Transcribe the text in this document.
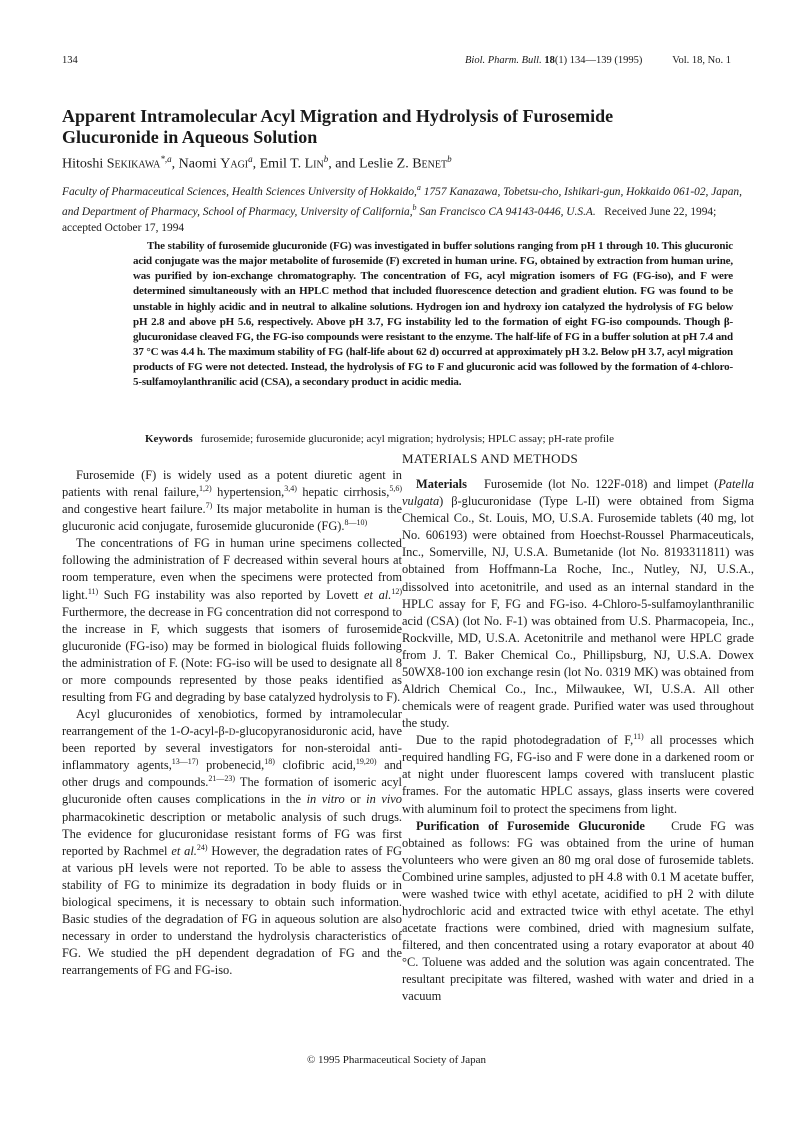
134	Biol. Pharm. Bull. 18(1) 134—139 (1995)	Vol. 18, No. 1
Apparent Intramolecular Acyl Migration and Hydrolysis of Furosemide Glucuronide in Aqueous Solution
Hitoshi Sekikawa$^{*,a}$, Naomi Yagi$^a$, Emil T. Lin$^b$, and Leslie Z. Benet$^b$
Faculty of Pharmaceutical Sciences, Health Sciences University of Hokkaido,$^a$ 1757 Kanazawa, Tobetsu-cho, Ishikari-gun, Hokkaido 061-02, Japan, and Department of Pharmacy, School of Pharmacy, University of California,$^b$ San Francisco CA 94143-0446, U.S.A. Received June 22, 1994; accepted October 17, 1994

The stability of furosemide glucuronide (FG) was investigated in buffer solutions ranging from pH 1 through 10. This glucuronic acid conjugate was the major metabolite of furosemide (F) excreted in human urine. FG, obtained by extraction from human urine, was purified by ion-exchange chromatography. The concentration of FG, acyl migration isomers of FG (FG-iso), and F were determined simultaneously with an HPLC method that included fluorescence detection and gradient elution. FG was found to be unstable in highly acidic and in neutral to alkaline solutions. Hydrogen ion and hydroxy ion catalyzed the hydrolysis of FG below pH 2.8 and above pH 5.6, respectively. Above pH 3.7, FG instability led to the formation of eight FG-iso compounds. Though β-glucuronidase cleaved FG, the FG-iso compounds were resistant to the enzyme. The half-life of FG in a buffer solution at pH 7.4 and 37 °C was 4.4 h. The maximum stability of FG (half-life about 62 d) occurred at approximately pH 3.2. Below pH 3.7, acyl migration products of FG were not detected. Instead, the hydrolysis of FG to F and glucuronic acid was followed by the formation of 4-chloro-5-sulfamoylanthranilic acid (CSA), a secondary product in acidic media.

Keywords furosemide; furosemide glucuronide; acyl migration; hydrolysis; HPLC assay; pH-rate profile

Furosemide (F) is widely used as a potent diuretic agent in patients with renal failure,$^{1,2)}$ hypertension,$^{3,4)}$ hepatic cirrhosis,$^{5,6)}$ and congestive heart failure.$^{7)}$ Its major metabolite in human is the glucuronic acid conjugate, furosemide glucuronide (FG).$^{8—10)}$

The concentrations of FG in human urine specimens collected following the administration of F decreased within several hours at room temperature, even when the specimens were protected from light.$^{11)}$ Such FG instability was also reported by Lovett et al.$^{12)}$ Furthermore, the decrease in FG concentration did not correspond to the increase in F, which suggests that isomers of furosemide glucuronide (FG-iso) may be formed in biological fluids following the administration of F. (Note: FG-iso will be used to designate all 8 or more compounds represented by those peaks identified as resulting from FG and degrading by base catalyzed hydrolysis to F).

Acyl glucuronides of xenobiotics, formed by intramolecular rearrangement of the 1-O-acyl-β-d-glucopyranosiduronic acid, have been reported by several investigators for non-steroidal anti-inflammatory agents,$^{13—17)}$ probenecid,$^{18)}$ clofibric acid,$^{19,20)}$ and other drugs and compounds.$^{21—23)}$ The formation of isomeric acyl glucuronide often causes complications in the in vitro or in vivo pharmacokinetic description or metabolic analysis of such drugs. The evidence for glucuronidase resistant forms of FG was first reported by Rachmel et al.$^{24)}$ However, the degradation rates of FG at various pH levels were not reported. To be able to assess the stability of FG to minimize its degradation in body fluids or in biological specimens, it is necessary to obtain such information. Basic studies of the degradation of FG in aqueous solution are also necessary in order to understand the hydrolysis characteristics of FG. We studied the pH dependent degradation of FG and the rearrangements of FG and FG-iso.

MATERIALS AND METHODS

Materials   Furosemide (lot No. 122F-018) and limpet (Patella vulgata) β-glucuronidase (Type L-II) were obtained from Sigma Chemical Co., St. Louis, MO, U.S.A. Furosemide tablets (40 mg, lot No. 606193) were obtained from Hoechst-Roussel Pharmaceuticals, Inc., Somerville, NJ, U.S.A. Bumetanide (lot No. 8193311811) was obtained from Hoffmann-La Roche, Inc., Nutley, NJ, U.S.A., dissolved into acetonitrile, and used as an internal standard in the HPLC assay for F, FG and FG-iso. 4-Chloro-5-sulfamoylanthranilic acid (CSA) (lot No. F-1) was obtained from U.S. Pharmacopeia, Inc., Rockville, MD, U.S.A. Acetonitrile and methanol were HPLC grade from J. T. Baker Chemical Co., Phillipsburg, NJ, U.S.A. Dowex 50WX8-100 ion exchange resin (lot No. 0319 MK) was obtained from Aldrich Chemical Co., Inc., Milwaukee, WI, U.S.A. All other chemicals were of reagent grade. Purified water was used throughout the study.

Due to the rapid photodegradation of F,$^{11)}$ all processes which required handling FG, FG-iso and F were done in a darkened room or at night under fluorescent lamps covered with translucent plastic frames. For the automatic HPLC assays, glass inserts were covered with aluminum foil to protect the specimens from light.

Purification of Furosemide Glucuronide   Crude FG was obtained as follows: FG was obtained from the urine of human volunteers who were given an 80 mg oral dose of furosemide tablets. Combined urine samples, adjusted to pH 4.8 with 0.1 M acetate buffer, were washed twice with ethyl acetate, acidified to pH 2 with dilute hydrochloric acid and extracted twice with ethyl acetate. The ethyl acetate fractions were combined, dried with magnesium sulfate, filtered, and then concentrated using a rotary evaporator at about 40 °C. Toluene was added and the solution was again concentrated. The resultant precipitate was filtered, washed with water and dried in a vacuum

© 1995 Pharmaceutical Society of Japan
